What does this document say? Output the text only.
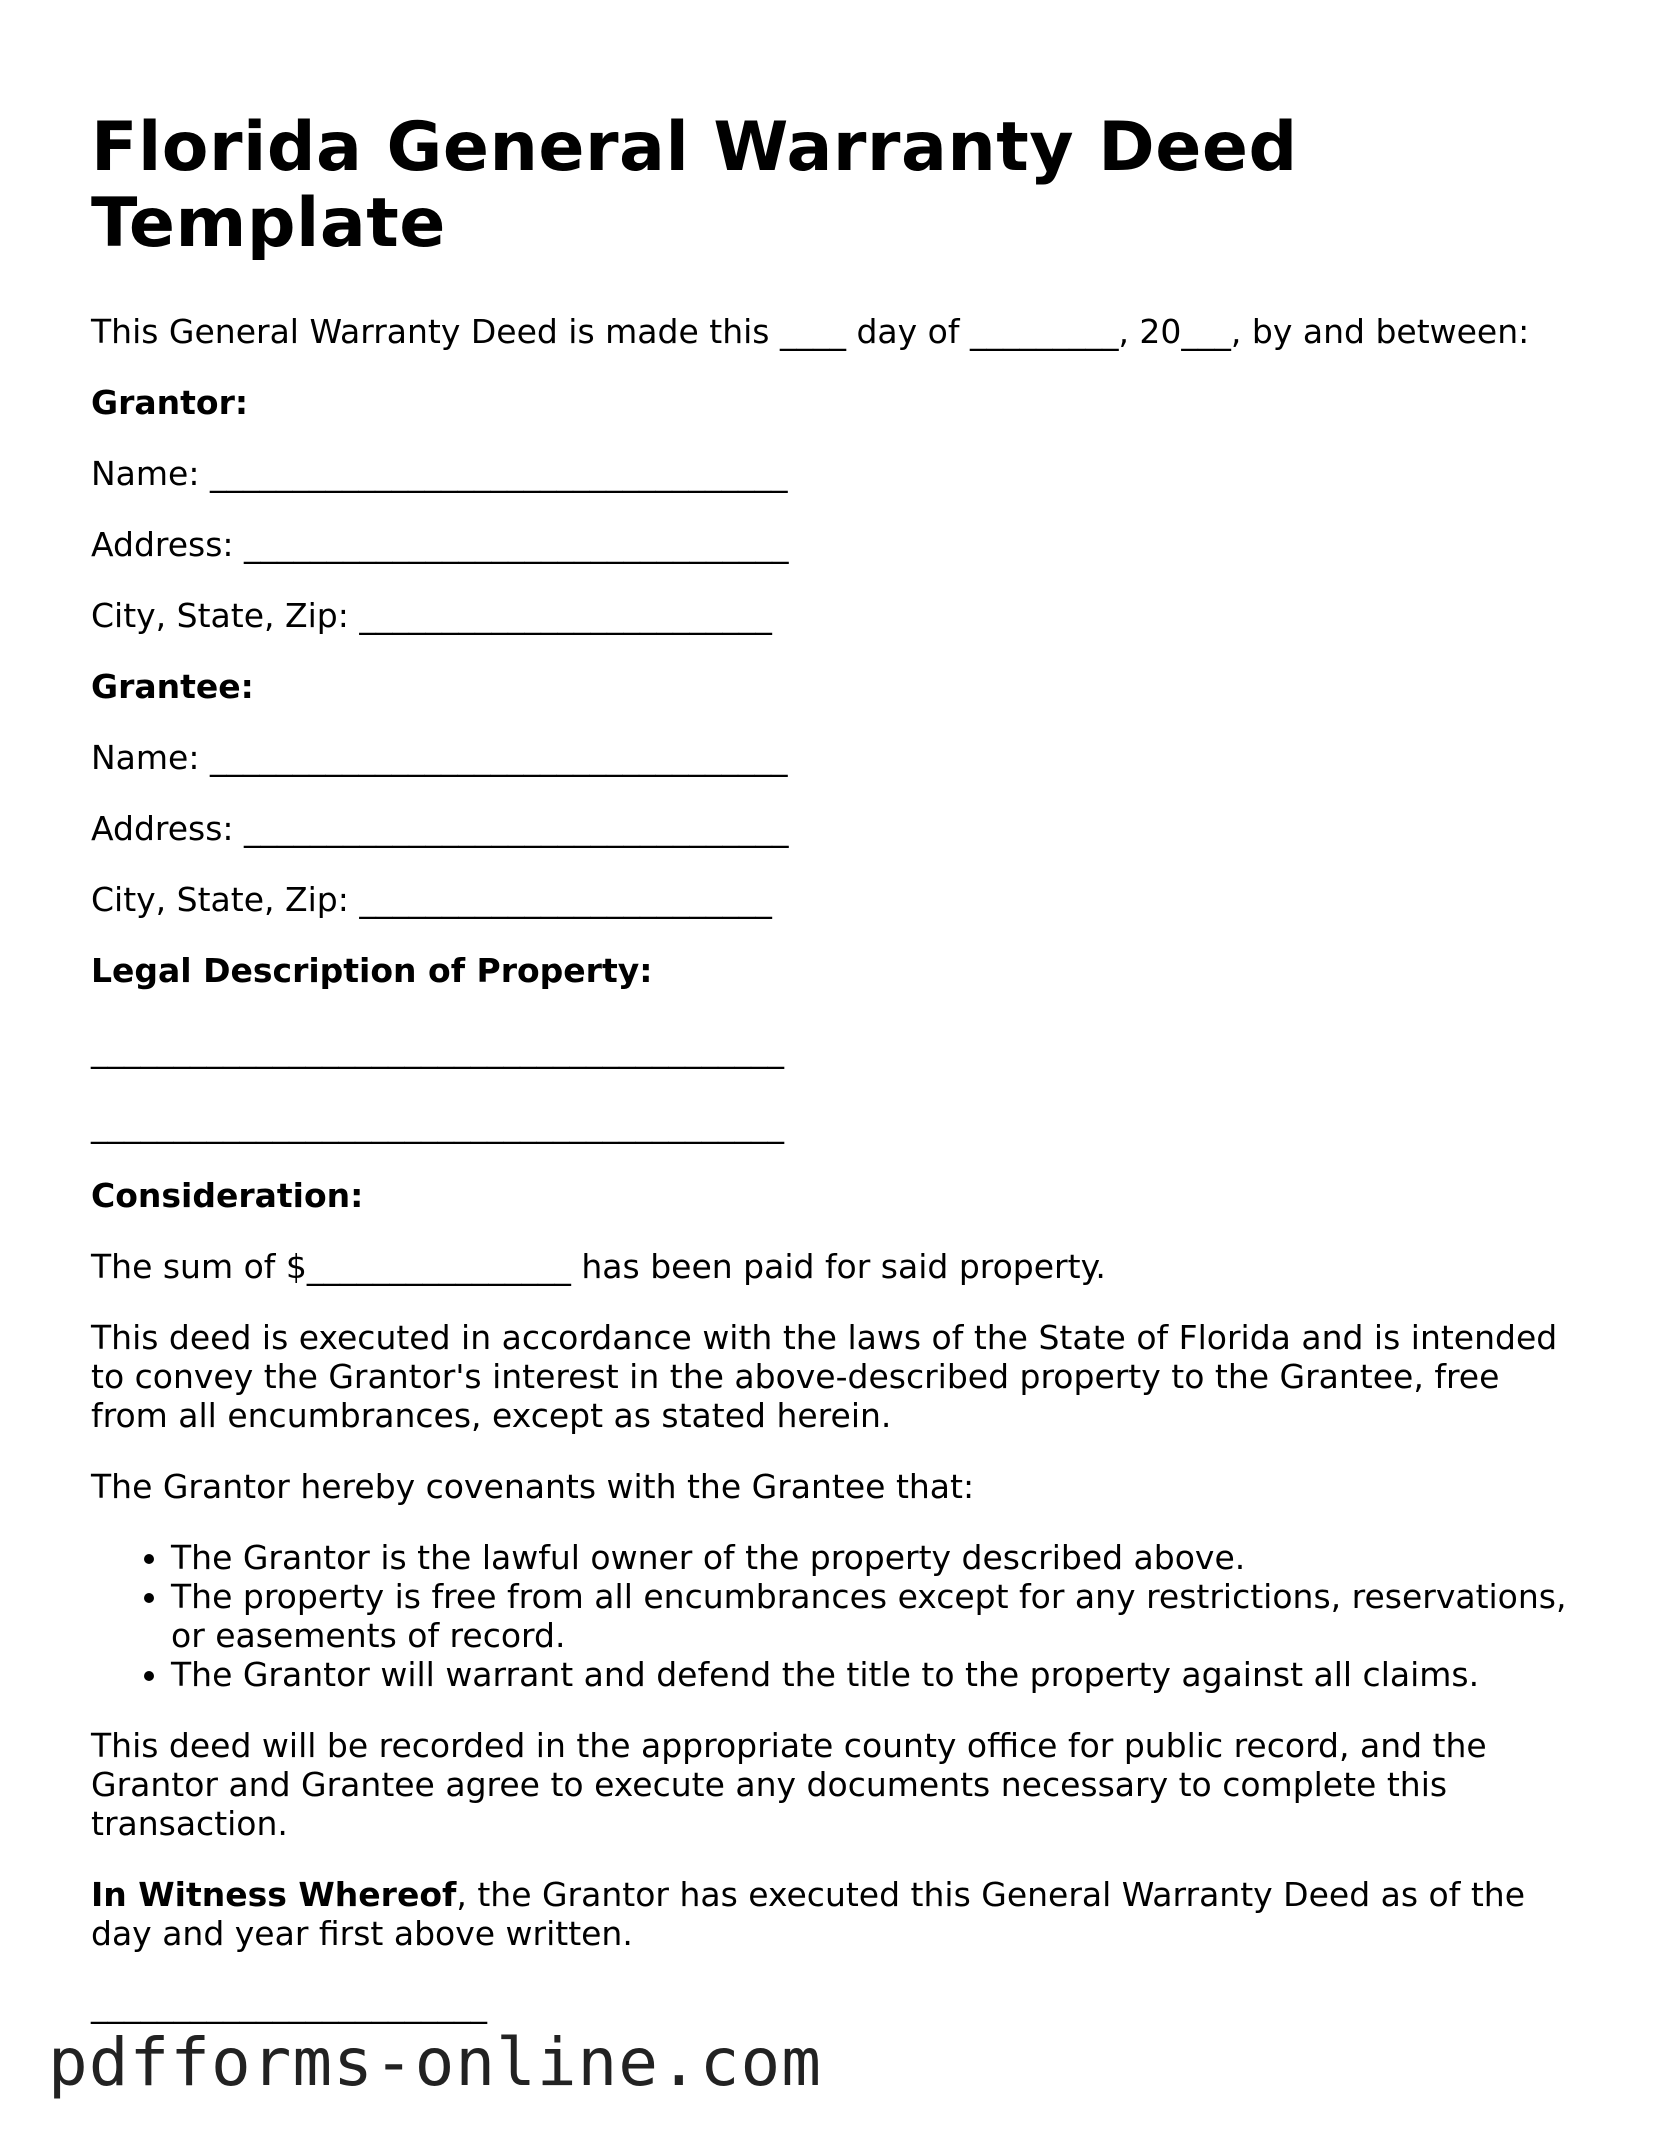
Florida General Warranty Deed Template

This General Warranty Deed is made this ____ day of _________, 20___, by and between:

Grantor:

Name: ___________________________________

Address: _________________________________

City, State, Zip: _________________________

Grantee:

Name: ___________________________________

Address: _________________________________

City, State, Zip: _________________________

Legal Description of Property:

__________________________________________

__________________________________________

Consideration:

The sum of $________________ has been paid for said property.

This deed is executed in accordance with the laws of the State of Florida and is intended to convey the Grantor's interest in the above-described property to the Grantee, free from all encumbrances, except as stated herein.

The Grantor hereby covenants with the Grantee that:

• The Grantor is the lawful owner of the property described above.
• The property is free from all encumbrances except for any restrictions, reservations, or easements of record.
• The Grantor will warrant and defend the title to the property against all claims.

This deed will be recorded in the appropriate county office for public record, and the Grantor and Grantee agree to execute any documents necessary to complete this transaction.

In Witness Whereof, the Grantor has executed this General Warranty Deed as of the day and year first above written.

________________________

pdfforms-online.com
